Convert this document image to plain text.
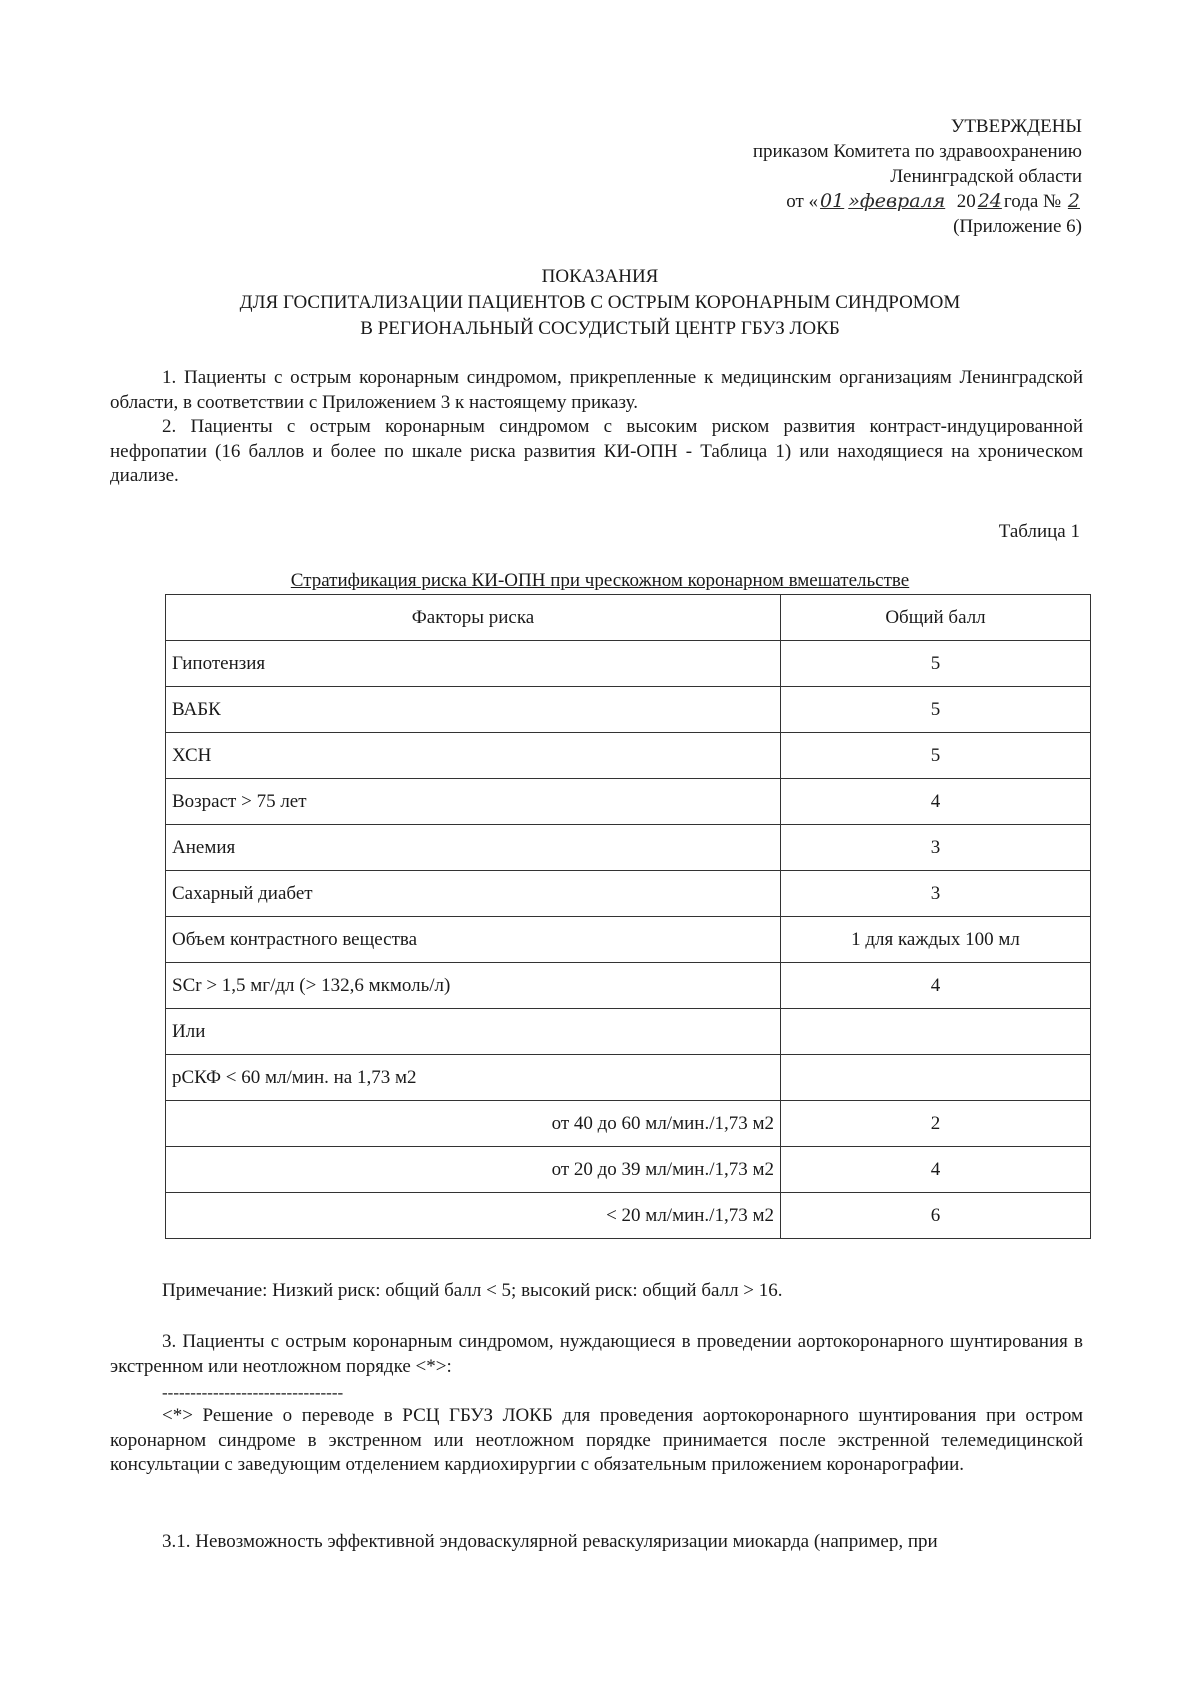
УТВЕРЖДЕНЫ
приказом Комитета по здравоохранению
Ленинградской области
от « 01 »февраля 20 24 года № 2
(Приложение 6)
ПОКАЗАНИЯ
ДЛЯ ГОСПИТАЛИЗАЦИИ ПАЦИЕНТОВ С ОСТРЫМ КОРОНАРНЫМ СИНДРОМОМ
В РЕГИОНАЛЬНЫЙ СОСУДИСТЫЙ ЦЕНТР ГБУЗ ЛОКБ

1. Пациенты с острым коронарным синдромом, прикрепленные к медицинским организациям Ленинградской области, в соответствии с Приложением 3 к настоящему приказу.

2. Пациенты с острым коронарным синдромом с высоким риском развития контраст-индуцированной нефропатии (16 баллов и более по шкале риска развития КИ-ОПН - Таблица 1) или находящиеся на хроническом диализе.

Таблица 1
Стратификация риска КИ-ОПН при чрескожном коронарном вмешательстве
Факторы риска	Общий балл
Гипотензия	5
ВАБК	5
ХСН	5
Возраст > 75 лет	4
Анемия	3
Сахарный диабет	3
Объем контрастного вещества	1 для каждых 100 мл
SCr > 1,5 мг/дл (> 132,6 мкмоль/л)	4
Или	
рСКФ < 60 мл/мин. на 1,73 м2	
от 40 до 60 мл/мин./1,73 м2	2
от 20 до 39 мл/мин./1,73 м2	4
< 20 мл/мин./1,73 м2	6
Примечание: Низкий риск: общий балл < 5; высокий риск: общий балл > 16.

3. Пациенты с острым коронарным синдромом, нуждающиеся в проведении аортокоронарного шунтирования в экстренном или неотложном порядке <*>:

--------------------------------

<*> Решение о переводе в РСЦ ГБУЗ ЛОКБ для проведения аортокоронарного шунтирования при остром коронарном синдроме в экстренном или неотложном порядке принимается после экстренной телемедицинской консультации с заведующим отделением кардиохирургии с обязательным приложением коронарографии.

3.1. Невозможность эффективной эндоваскулярной реваскуляризации миокарда (например, при
